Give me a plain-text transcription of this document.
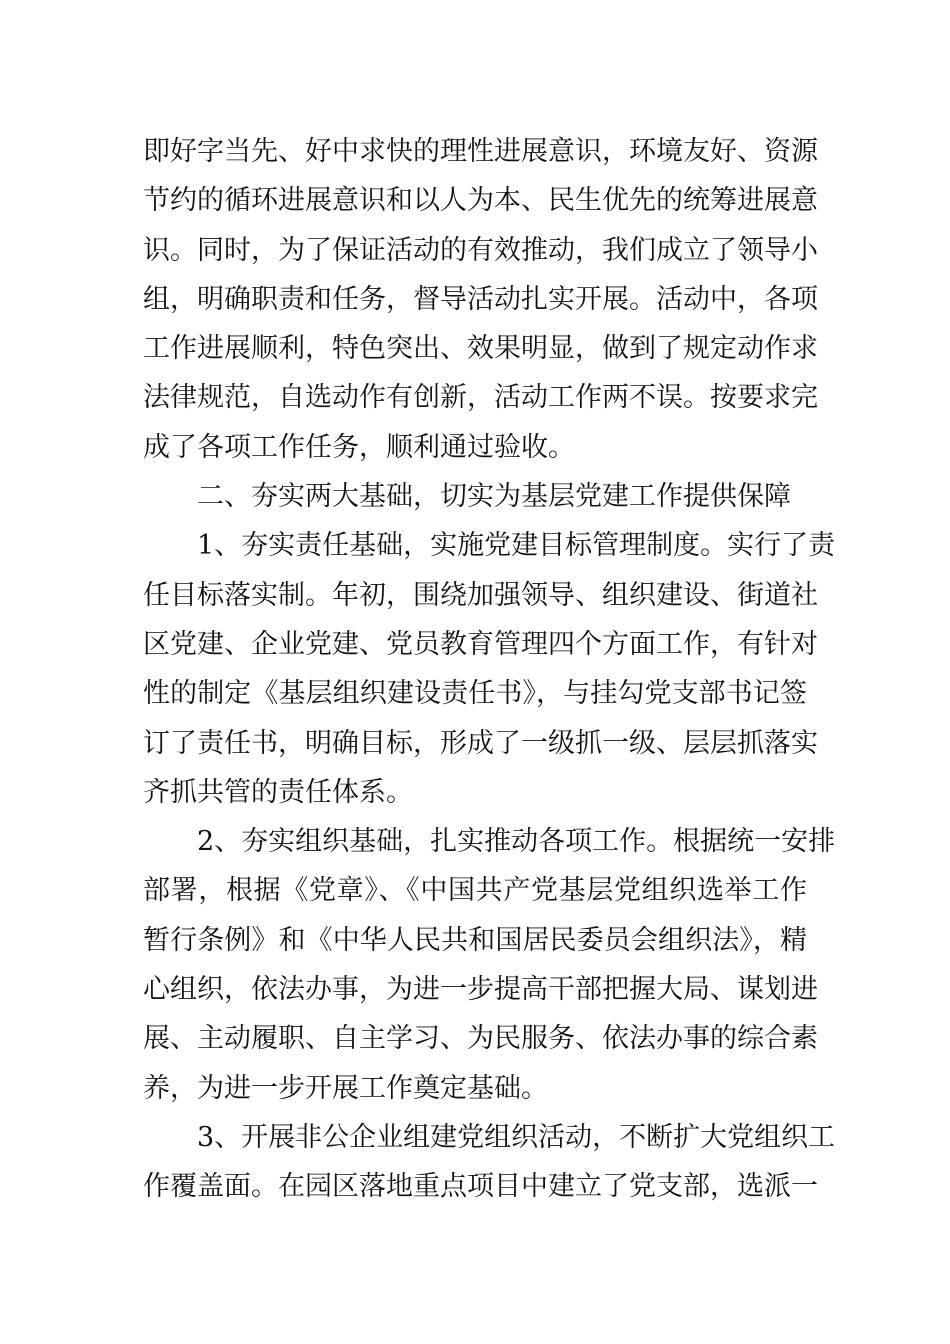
即好字当先、好中求快的理性进展意识，环境友好、资源
节约的循环进展意识和以人为本、民生优先的统筹进展意
识。同时，为了保证活动的有效推动，我们成立了领导小
组，明确职责和任务，督导活动扎实开展。活动中，各项
工作进展顺利，特色突出、效果明显，做到了规定动作求
法律规范，自选动作有创新，活动工作两不误。按要求完
成了各项工作任务，顺利通过验收。
二、夯实两大基础，切实为基层党建工作提供保障
1、夯实责任基础，实施党建目标管理制度。实行了责
任目标落实制。年初，围绕加强领导、组织建设、街道社
区党建、企业党建、党员教育管理四个方面工作，有针对
性的制定《基层组织建设责任书》，与挂勾党支部书记签
订了责任书，明确目标，形成了一级抓一级、层层抓落实
齐抓共管的责任体系。
2、夯实组织基础，扎实推动各项工作。根据统一安排
部署，根据《党章》、《中国共产党基层党组织选举工作
暂行条例》和《中华人民共和国居民委员会组织法》，精
心组织，依法办事，为进一步提高干部把握大局、谋划进
展、主动履职、自主学习、为民服务、依法办事的综合素
养，为进一步开展工作奠定基础。
3、开展非公企业组建党组织活动，不断扩大党组织工
作覆盖面。在园区落地重点项目中建立了党支部，选派一
